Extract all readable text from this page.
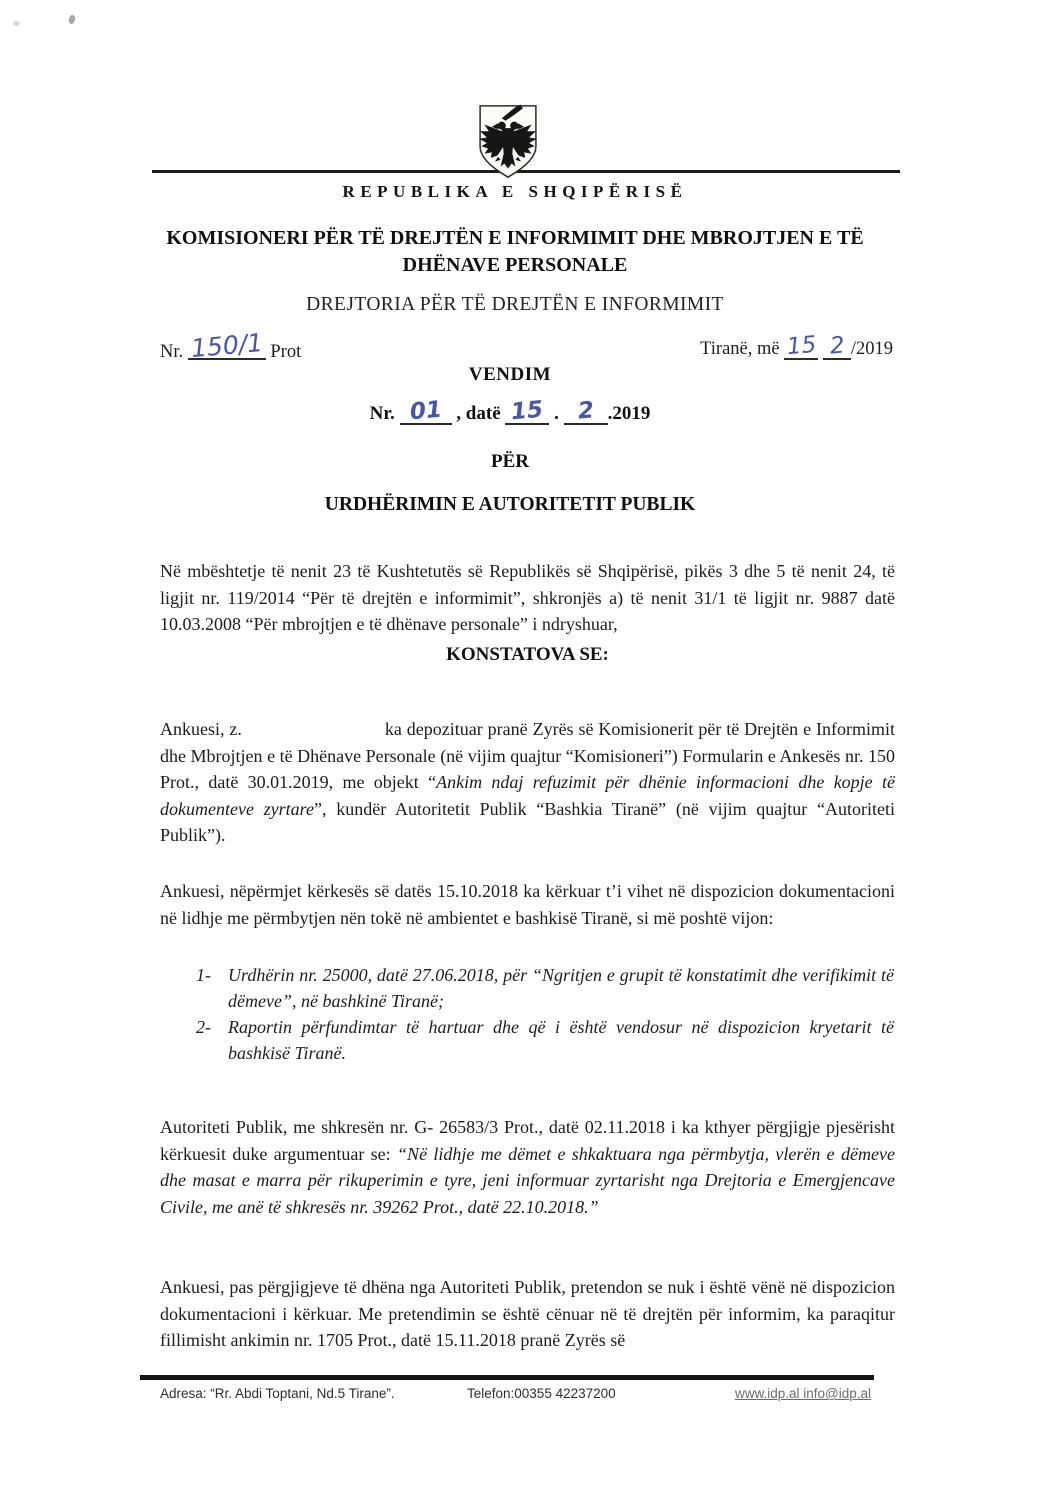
REPUBLIKA E SHQIPËRISË
KOMISIONERI PËR TË DREJTËN E INFORMIMIT DHE MBROJTJEN E TË
DHËNAVE PERSONALE
DREJTORIA PËR TË DREJTËN E INFORMIMIT
Nr. 150/1 Prot	Tiranë, më 15 2 /2019
VENDIM
Nr. 01 , datë 15 . 2 .2019
PËR
URDHËRIMIN E AUTORITETIT PUBLIK

Në mbështetje të nenit 23 të Kushtetutës së Republikës së Shqipërisë, pikës 3 dhe 5 të nenit 24, të ligjit nr. 119/2014 “Për të drejtën e informimit”, shkronjës a) të nenit 31/1 të ligjit nr. 9887 datë 10.03.2008 “Për mbrojtjen e të dhënave personale” i ndryshuar,

KONSTATOVA SE:

Ankuesi, z.	ka depozituar pranë Zyrës së Komisionerit për të Drejtën e Informimit dhe Mbrojtjen e të Dhënave Personale (në vijim quajtur “Komisioneri”) Formularin e Ankesës nr. 150 Prot., datë 30.01.2019, me objekt “Ankim ndaj refuzimit për dhënie informacioni dhe kopje të dokumenteve zyrtare”, kundër Autoritetit Publik “Bashkia Tiranë” (në vijim quajtur “Autoriteti Publik”).

Ankuesi, nëpërmjet kërkesës së datës 15.10.2018 ka kërkuar t’i vihet në dispozicion dokumentacioni në lidhje me përmbytjen nën tokë në ambientet e bashkisë Tiranë, si më poshtë vijon:

1- Urdhërin nr. 25000, datë 27.06.2018, për “Ngritjen e grupit të konstatimit dhe verifikimit të dëmeve”, në bashkinë Tiranë;
2- Raportin përfundimtar të hartuar dhe që i është vendosur në dispozicion kryetarit të bashkisë Tiranë.

Autoriteti Publik, me shkresën nr. G- 26583/3 Prot., datë 02.11.2018 i ka kthyer përgjigje pjesërisht kërkuesit duke argumentuar se: “Në lidhje me dëmet e shkaktuara nga përmbytja, vlerën e dëmeve dhe masat e marra për rikuperimin e tyre, jeni informuar zyrtarisht nga Drejtoria e Emergjencave Civile, me anë të shkresës nr. 39262 Prot., datë 22.10.2018.”

Ankuesi, pas përgjigjeve të dhëna nga Autoriteti Publik, pretendon se nuk i është vënë në dispozicion dokumentacioni i kërkuar. Me pretendimin se është cënuar në të drejtën për informim, ka paraqitur fillimisht ankimin nr. 1705 Prot., datë 15.11.2018 pranë Zyrës së

Adresa: “Rr. Abdi Toptani, Nd.5 Tirane”.	Telefon:00355 42237200	www.idp.al info@idp.al
